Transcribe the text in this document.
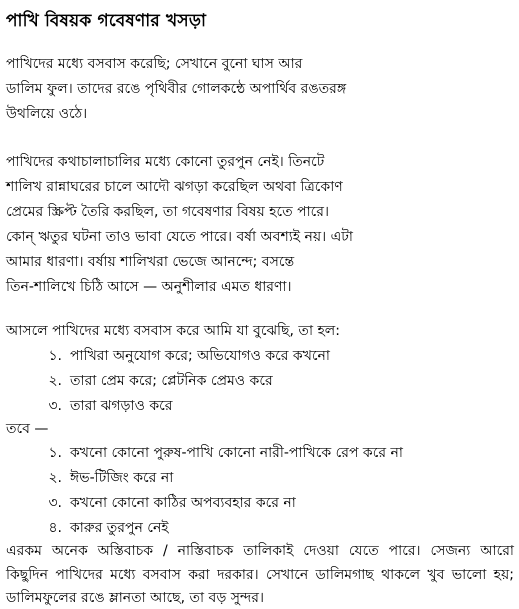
পাখি বিষয়ক গবেষণার খসড়া
পাখিদের মধ্যে বসবাস করেছি; সেখানে বুনো ঘাস আর
ডালিম ফুল। তাদের রঙে পৃথিবীর গোলকন্ঠে অপার্থিব রঙতরঙ্গ
উথলিয়ে ওঠে।
পাখিদের কথাচালাচালির মধ্যে কোনো তুরপুন নেই। তিনটে
শালিখ রান্নাঘরের চালে আদৌ ঝগড়া করেছিল অথবা ত্রিকোণ
প্রেমের স্ক্রিপ্ট তৈরি করছিল, তা গবেষণার বিষয় হতে পারে।
কোন্ ঋতুর ঘটনা তাও ভাবা যেতে পারে। বর্ষা অবশ্যই নয়। এটা
আমার ধারণা। বর্ষায় শালিখরা ভেজে আনন্দে; বসন্তে
তিন-শালিখে চিঠি আসে — অনুশীলার এমত ধারণা।
আসলে পাখিদের মধ্যে বসবাস করে আমি যা বুঝেছি, তা হল:
১. পাখিরা অনুযোগ করে; অভিযোগও করে কখনো
২. তারা প্রেম করে; প্লেটনিক প্রেমও করে
৩. তারা ঝগড়াও করে
তবে —
১. কখনো কোনো পুরুষ-পাখি কোনো নারী-পাখিকে রেপ করে না
২. ঈভ-টিজিং করে না
৩. কখনো কোনো কাঠির অপব্যবহার করে না
৪. কারুর তুরপুন নেই
এরকম অনেক অস্তিবাচক / নাস্তিবাচক তালিকাই দেওয়া যেতে পারে। সেজন্য আরো
কিছুদিন পাখিদের মধ্যে বসবাস করা দরকার। সেখানে ডালিমগাছ থাকলে খুব ভালো হয়;
ডালিমফুলের রঙে ম্লানতা আছে, তা বড় সুন্দর।
